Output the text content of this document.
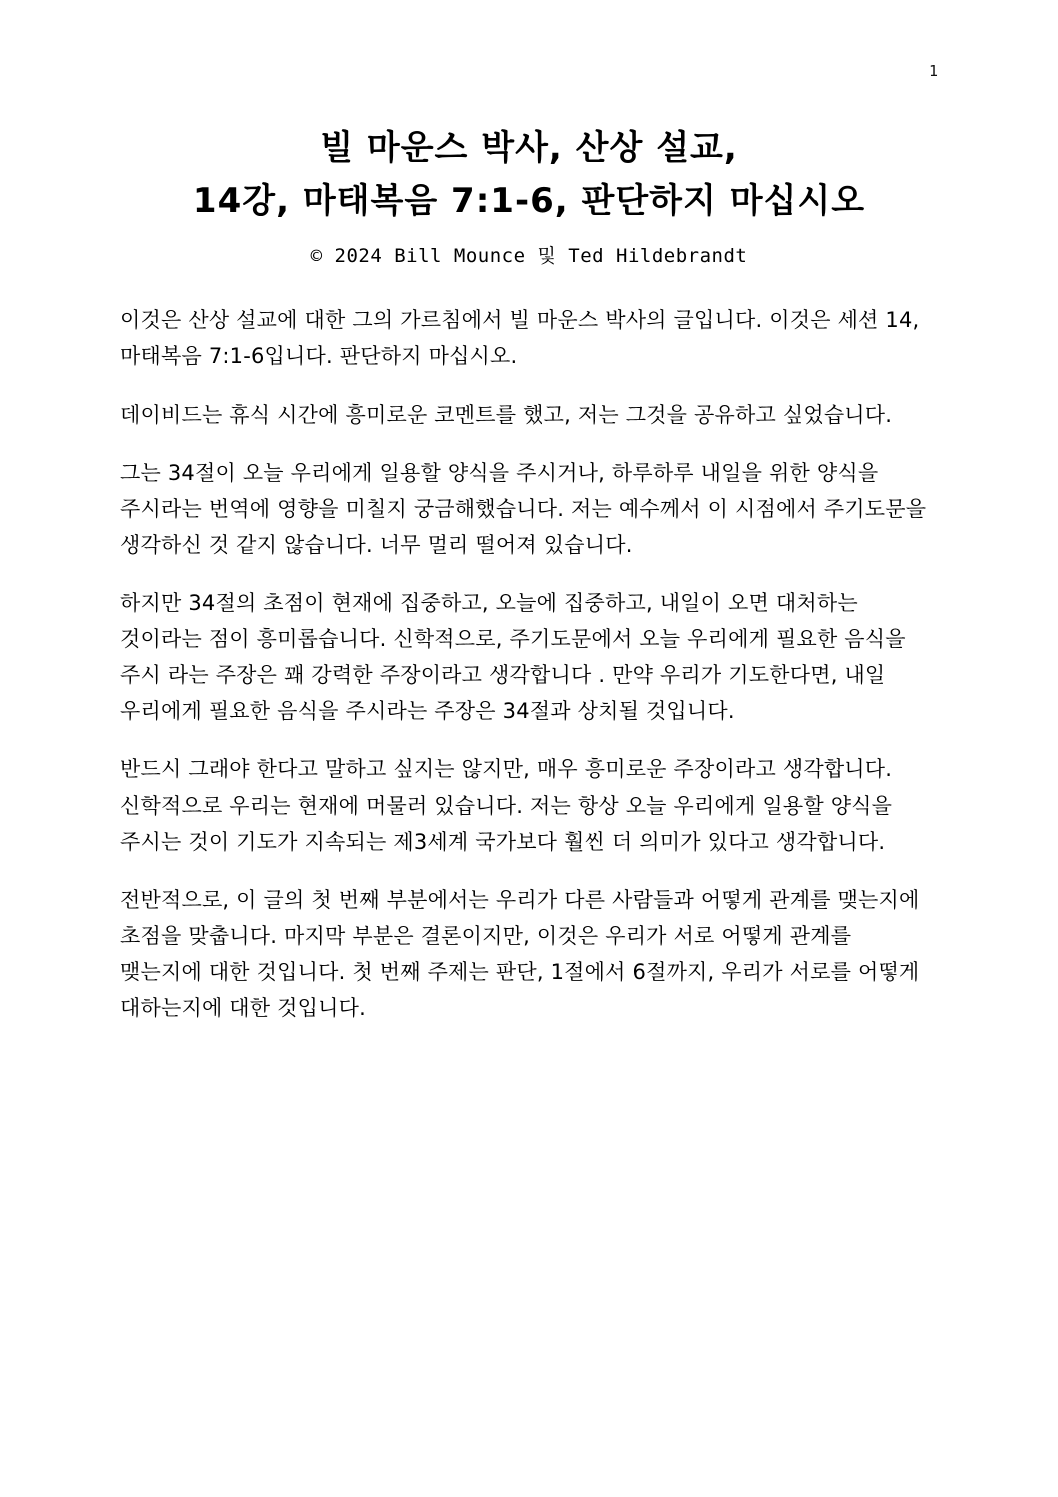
1
빌 마운스 박사, 산상 설교,
14강, 마태복음 7:1-6, 판단하지 마십시오
© 2024 Bill Mounce 및 Ted Hildebrandt

이것은 산상 설교에 대한 그의 가르침에서 빌 마운스 박사의 글입니다. 이것은 세션 14, 마태복음 7:1-6입니다. 판단하지 마십시오.

데이비드는 휴식 시간에 흥미로운 코멘트를 했고, 저는 그것을 공유하고 싶었습니다.

그는 34절이 오늘 우리에게 일용할 양식을 주시거나, 하루하루 내일을 위한 양식을 주시라는 번역에 영향을 미칠지 궁금해했습니다. 저는 예수께서 이 시점에서 주기도문을 생각하신 것 같지 않습니다. 너무 멀리 떨어져 있습니다.

하지만 34절의 초점이 현재에 집중하고, 오늘에 집중하고, 내일이 오면 대처하는 것이라는 점이 흥미롭습니다. 신학적으로, 주기도문에서 오늘 우리에게 필요한 음식을 주시 라는 주장은 꽤 강력한 주장이라고 생각합니다 . 만약 우리가 기도한다면, 내일 우리에게 필요한 음식을 주시라는 주장은 34절과 상치될 것입니다.

반드시 그래야 한다고 말하고 싶지는 않지만, 매우 흥미로운 주장이라고 생각합니다. 신학적으로 우리는 현재에 머물러 있습니다. 저는 항상 오늘 우리에게 일용할 양식을 주시는 것이 기도가 지속되는 제3세계 국가보다 훨씬 더 의미가 있다고 생각합니다.

전반적으로, 이 글의 첫 번째 부분에서는 우리가 다른 사람들과 어떻게 관계를 맺는지에 초점을 맞춥니다. 마지막 부분은 결론이지만, 이것은 우리가 서로 어떻게 관계를 맺는지에 대한 것입니다. 첫 번째 주제는 판단, 1절에서 6절까지, 우리가 서로를 어떻게 대하는지에 대한 것입니다.
